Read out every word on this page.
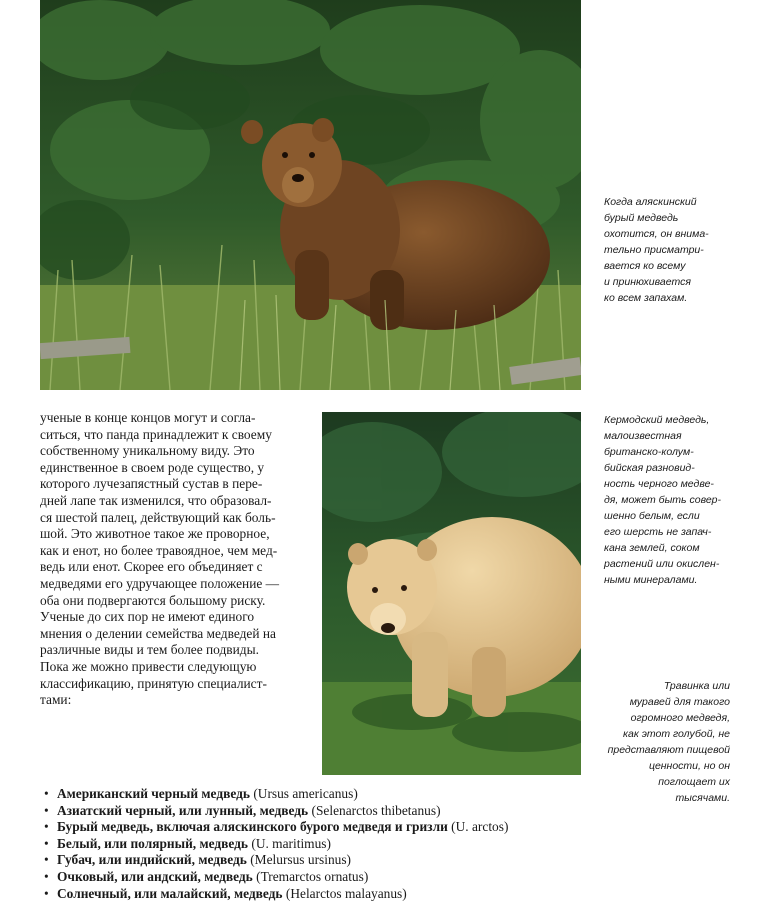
Когда аляскинский
бурый медведь
охотится, он внима-
тельно присматри-
вается ко всему
и принюхивается
ко всем запахам.

ученые в конце концов могут и согла-
ситься, что панда принадлежит к своему
собственному уникальному виду. Это
единственное в своем роде существо, у
которого лучезапястный сустав в пере-
дней лапе так изменился, что образовал-
ся шестой палец, действующий как боль-
шой. Это животное такое же проворное,
как и енот, но более травоядное, чем мед-
ведь или енот. Скорее его объединяет с
медведями его удручающее положение —
оба они подвергаются большому риску.
Ученые до сих пор не имеют единого
мнения о делении семейства медведей на
различные виды и тем более подвиды.
Пока же можно привести следующую
классификацию, принятую специалист-
тами:

Кермодский медведь,
малоизвестная
британско-колум-
бийская разновид-
ность черного медве-
дя, может быть совер-
шенно белым, если
его шерсть не запач-
кана землей, соком
растений или окислен-
ными минералами.

Травинка или
муравей для такого
огромного медведя,
как этот голубой, не
представляют пищевой
ценности, но он
поглощает их
тысячами.

• Американский черный медведь (Ursus americanus)
• Азиатский черный, или лунный, медведь (Selenarctos thibetanus)
• Бурый медведь, включая аляскинского бурого медведя и гризли (U. arctos)
• Белый, или полярный, медведь (U. maritimus)
• Губач, или индийский, медведь (Melursus ursinus)
• Очковый, или андский, медведь (Tremarctos ornatus)
• Солнечный, или малайский, медведь (Helarctos malayanus)
